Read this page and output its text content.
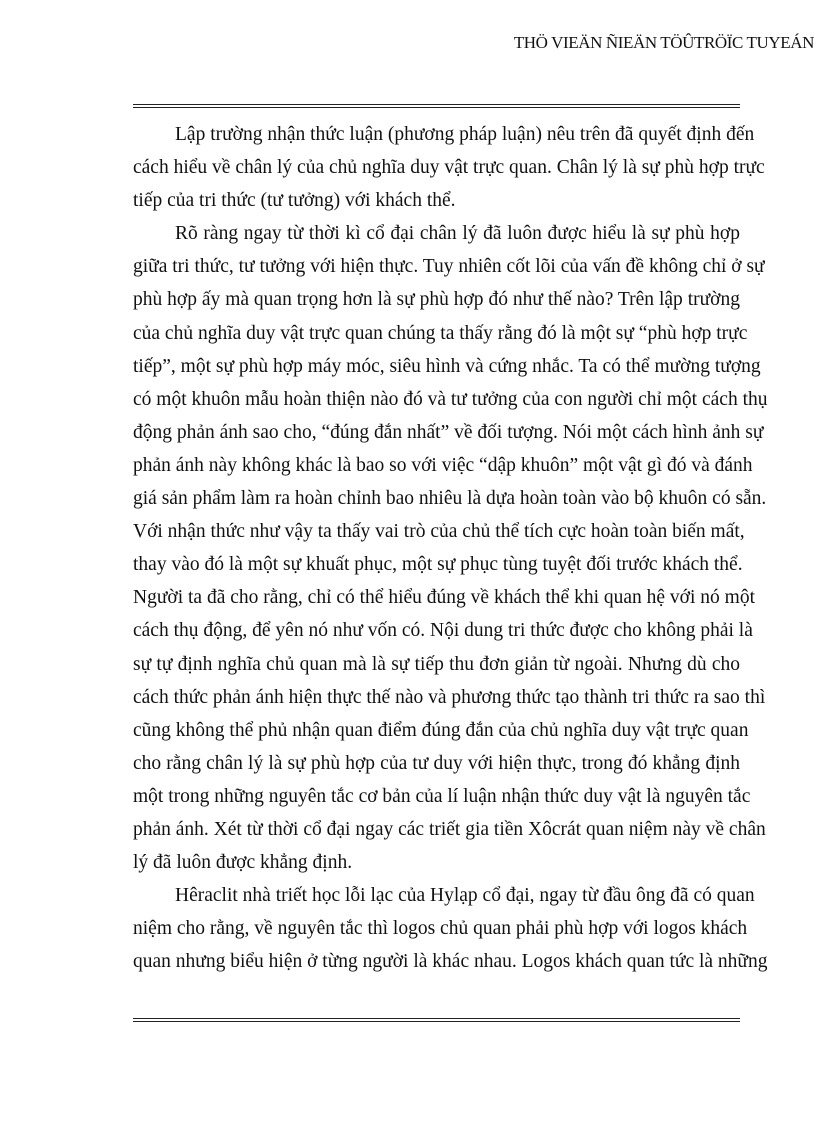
THÖ VIEÄN ÑIEÄN TÖÛTRÖÏC TUYEÁN
Lập trường nhận thức luận (phương pháp luận) nêu trên đã quyết định đến
cách hiểu về chân lý của chủ nghĩa duy vật trực quan. Chân lý là sự phù hợp trực
tiếp của tri thức (tư tưởng) với khách thể.
Rõ ràng ngay từ thời kì cổ đại chân lý đã luôn được hiểu là sự phù hợp
giữa tri thức, tư tưởng với hiện thực. Tuy nhiên cốt lõi của vấn đề không chỉ ở sự
phù hợp ấy mà quan trọng hơn là sự phù hợp đó như thế nào? Trên lập trường
của chủ nghĩa duy vật trực quan chúng ta thấy rằng đó là một sự “phù hợp trực
tiếp”, một sự phù hợp máy móc, siêu hình và cứng nhắc. Ta có thể mường tượng
có một khuôn mẫu hoàn thiện nào đó và tư tưởng của con người chỉ một cách thụ
động phản ánh sao cho, “đúng đắn nhất” về đối tượng. Nói một cách hình ảnh sự
phản ánh này không khác là bao so với việc “dập khuôn” một vật gì đó và đánh
giá sản phẩm làm ra hoàn chỉnh bao nhiêu là dựa hoàn toàn vào bộ khuôn có sẵn.
Với nhận thức như vậy ta thấy vai trò của chủ thể tích cực hoàn toàn biến mất,
thay vào đó là một sự khuất phục, một sự phục tùng tuyệt đối trước khách thể.
Người ta đã cho rằng, chỉ có thể hiểu đúng về khách thể khi quan hệ với nó một
cách thụ động, để yên nó như vốn có. Nội dung tri thức được cho không phải là
sự tự định nghĩa chủ quan mà là sự tiếp thu đơn giản từ ngoài. Nhưng dù cho
cách thức phản ánh hiện thực thế nào và phương thức tạo thành tri thức ra sao thì
cũng không thể phủ nhận quan điểm đúng đắn của chủ nghĩa duy vật trực quan
cho rằng chân lý là sự phù hợp của tư duy với hiện thực, trong đó khẳng định
một trong những nguyên tắc cơ bản của lí luận nhận thức duy vật là nguyên tắc
phản ánh. Xét từ thời cổ đại ngay các triết gia tiền Xôcrát quan niệm này về chân
lý đã luôn được khẳng định.
Hêraclit nhà triết học lỗi lạc của Hylạp cổ đại, ngay từ đầu ông đã có quan
niệm cho rằng, về nguyên tắc thì logos chủ quan phải phù hợp với logos khách
quan nhưng biểu hiện ở từng người là khác nhau. Logos khách quan tức là những
